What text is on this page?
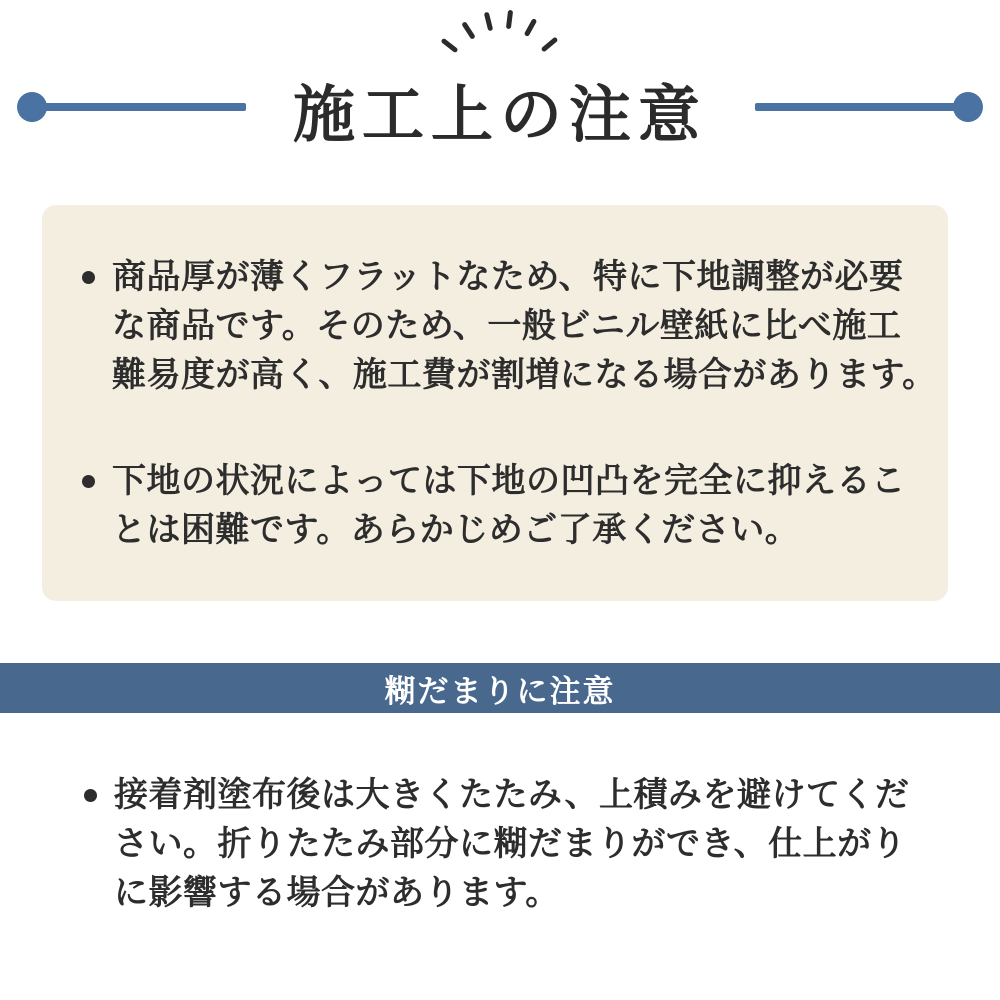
施工上の注意
商品厚が薄くフラットなため、特に下地調整が必要
な商品です。そのため、一般ビニル壁紙に比べ施工
難易度が高く、施工費が割増になる場合があります。
下地の状況によっては下地の凹凸を完全に抑えるこ
とは困難です。あらかじめご了承ください。
糊だまりに注意
接着剤塗布後は大きくたたみ、上積みを避けてくだ
さい。折りたたみ部分に糊だまりができ、仕上がり
に影響する場合があります。
